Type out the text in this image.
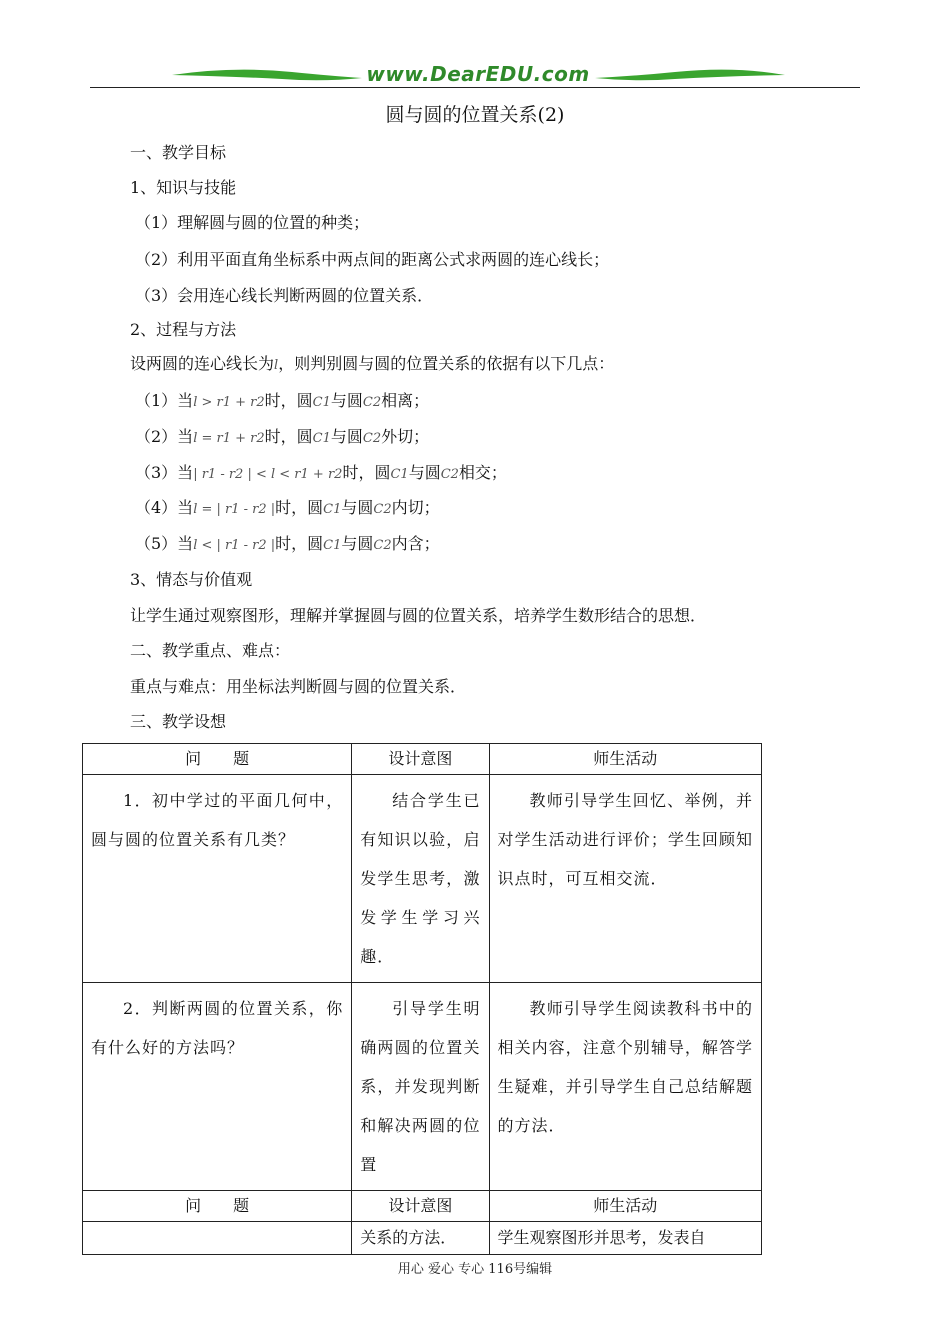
www.DearEDU.com
圆与圆的位置关系(2)
一、教学目标
1、知识与技能
（1）理解圆与圆的位置的种类；
（2）利用平面直角坐标系中两点间的距离公式求两圆的连心线长；
（3）会用连心线长判断两圆的位置关系．
2、过程与方法
设两圆的连心线长为l，则判别圆与圆的位置关系的依据有以下几点：
（1）当l > r1 + r2时，圆C1与圆C2相离；
（2）当l = r1 + r2时，圆C1与圆C2外切；
（3）当| r1 - r2 | < l < r1 + r2时，圆C1与圆C2相交；
（4）当l = | r1 - r2 |时，圆C1与圆C2内切；
（5）当l < | r1 - r2 |时，圆C1与圆C2内含；
3、情态与价值观
让学生通过观察图形，理解并掌握圆与圆的位置关系，培养学生数形结合的思想．
二、教学重点、难点：
重点与难点：用坐标法判断圆与圆的位置关系．
三、教学设想
问　　题	设计意图	师生活动
1．初中学过的平面几何中，圆与圆的位置关系有几类？	结合学生已有知识以验，启发学生思考，激发学生学习兴趣．	教师引导学生回忆、举例，并对学生活动进行评价；学生回顾知识点时，可互相交流．
2．判断两圆的位置关系，你有什么好的方法吗？	引导学生明确两圆的位置关系，并发现判断和解决两圆的位置	教师引导学生阅读教科书中的相关内容，注意个别辅导，解答学生疑难，并引导学生自己总结解题的方法．
问　　题	设计意图	师生活动
	关系的方法．	学生观察图形并思考，发表自
用心 爱心 专心 116号编辑
